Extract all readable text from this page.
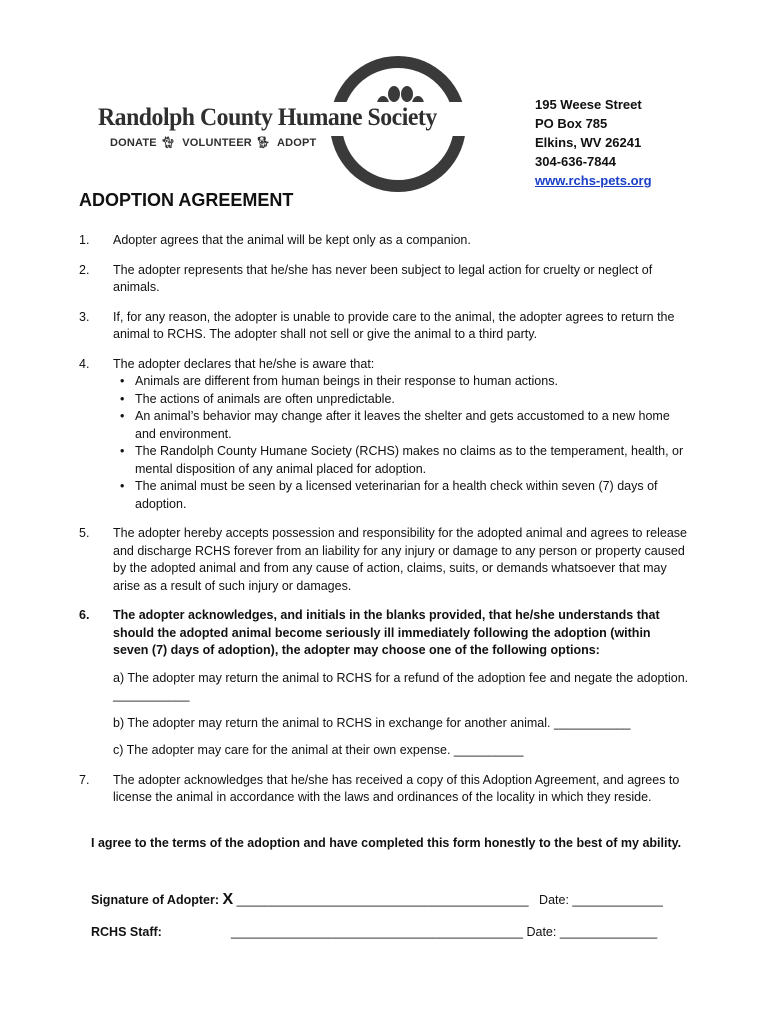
Randolph County Humane Society
DONATE 🐈︎ VOLUNTEER 🐕︎ ADOPT	ELKINS, WV
195 Weese Street
PO Box 785
Elkins, WV 26241
304-636-7844
www.rchs-pets.org
ADOPTION AGREEMENT
1. Adopter agrees that the animal will be kept only as a companion.
2. The adopter represents that he/she has never been subject to legal action for cruelty or neglect of animals.
3. If, for any reason, the adopter is unable to provide care to the animal, the adopter agrees to return the animal to RCHS. The adopter shall not sell or give the animal to a third party.
4. The adopter declares that he/she is aware that:
• Animals are different from human beings in their response to human actions.
• The actions of animals are often unpredictable.
• An animal’s behavior may change after it leaves the shelter and gets accustomed to a new home and environment.
• The Randolph County Humane Society (RCHS) makes no claims as to the temperament, health, or mental disposition of any animal placed for adoption.
• The animal must be seen by a licensed veterinarian for a health check within seven (7) days of adoption.
5. The adopter hereby accepts possession and responsibility for the adopted animal and agrees to release and discharge RCHS forever from an liability for any injury or damage to any person or property caused by the adopted animal and from any cause of action, claims, suits, or demands whatsoever that may arise as a result of such injury or damages.
6. The adopter acknowledges, and initials in the blanks provided, that he/she understands that should the adopted animal become seriously ill immediately following the adoption (within seven (7) days of adoption), the adopter may choose one of the following options:
a) The adopter may return the animal to RCHS for a refund of the adoption fee and negate the adoption. ___________
b) The adopter may return the animal to RCHS in exchange for another animal. ___________
c) The adopter may care for the animal at their own expense. __________
7. The adopter acknowledges that he/she has received a copy of this Adoption Agreement, and agrees to license the animal in accordance with the laws and ordinances of the locality in which they reside.
I agree to the terms of the adoption and have completed this form honestly to the best of my ability.
Signature of Adopter: X __________________________________________ Date: _____________
RCHS Staff:	__________________________________________ Date: ______________
